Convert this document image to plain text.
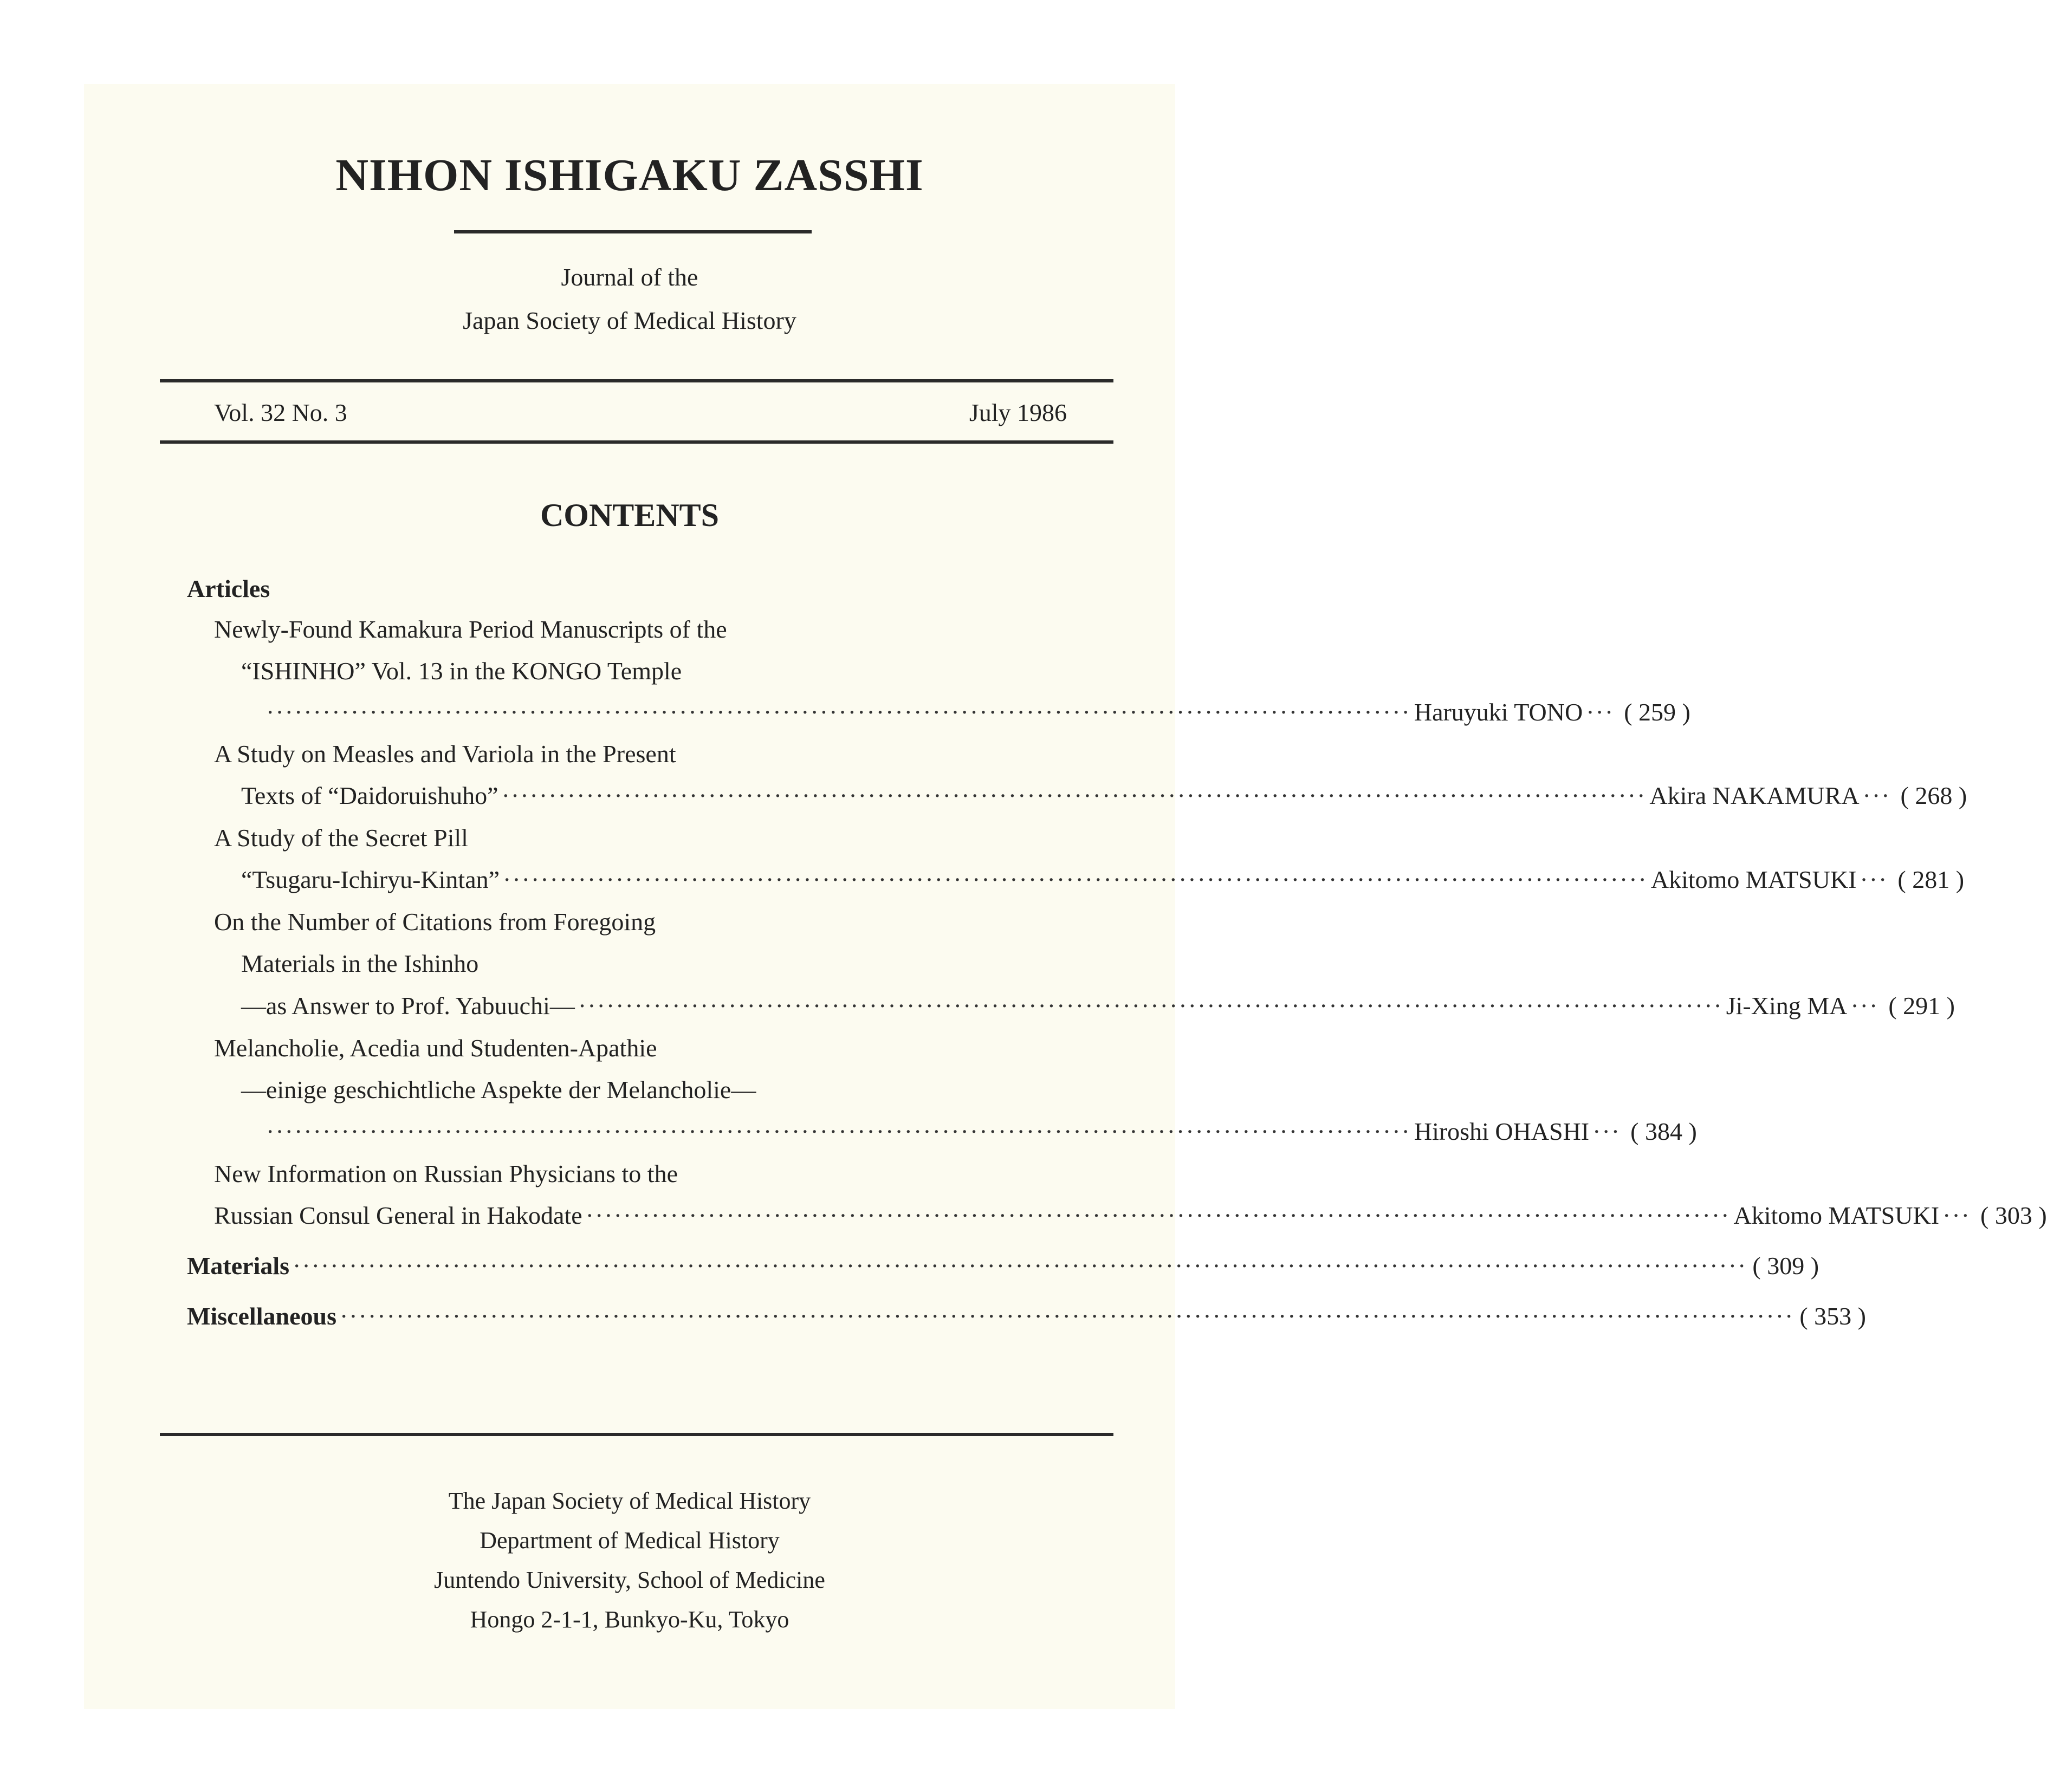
NIHON ISHIGAKU ZASSHI
Journal of the
Japan Society of Medical History
Vol. 32 No. 3	July 1986
CONTENTS
Articles
Newly-Found Kamakura Period Manuscripts of the
“ISHINHO” Vol. 13 in the KONGO Temple
·························································································································· Haruyuki TONO ··· ( 259 )
A Study on Measles and Variola in the Present
Texts of “Daidoruishuho” ·························································································································· Akira NAKAMURA ··· ( 268 )
A Study of the Secret Pill
“Tsugaru-Ichiryu-Kintan” ·························································································································· Akitomo MATSUKI ··· ( 281 )
On the Number of Citations from Foregoing
Materials in the Ishinho
—as Answer to Prof. Yabuuchi— ·························································································································· Ji-Xing MA ··· ( 291 )
Melancholie, Acedia und Studenten-Apathie
—einige geschichtliche Aspekte der Melancholie—
·························································································································· Hiroshi OHASHI ··· ( 384 )
New Information on Russian Physicians to the
Russian Consul General in Hakodate ·························································································································· Akitomo MATSUKI ··· ( 303 )
Materials ··························································································································································· ( 309 )
Miscellaneous ··························································································································································· ( 353 )
The Japan Society of Medical History
Department of Medical History
Juntendo University, School of Medicine
Hongo 2-1-1, Bunkyo-Ku, Tokyo
